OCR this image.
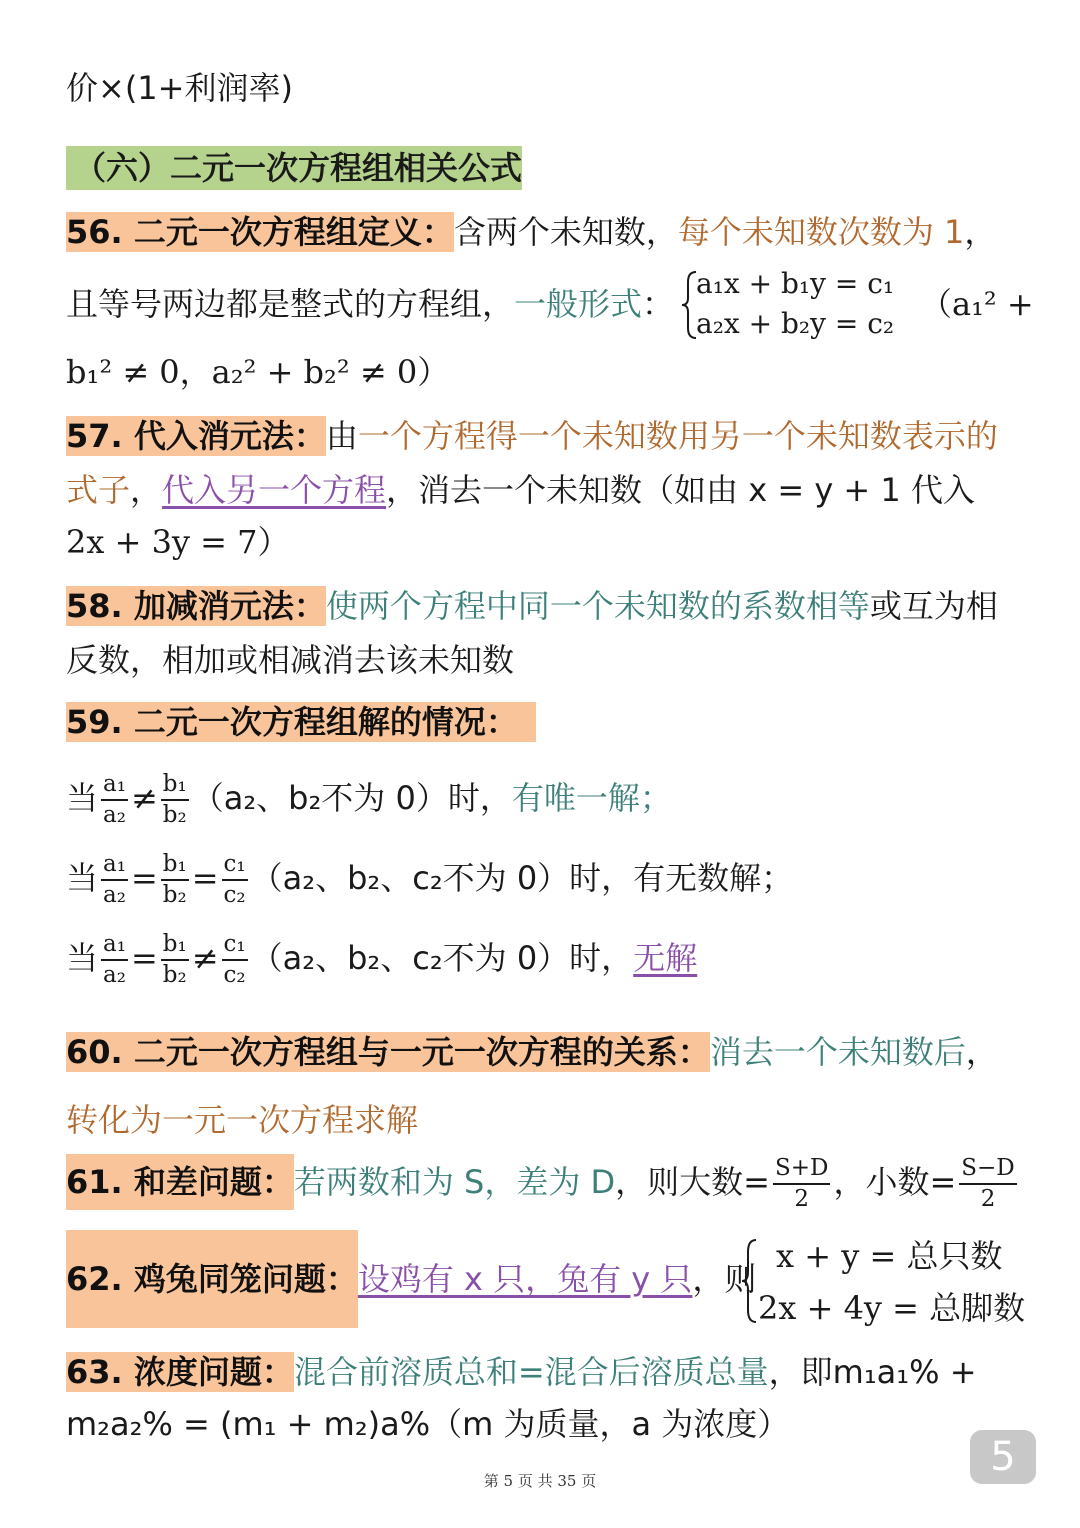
价×(1+利润率)
（六）二元一次方程组相关公式
56. 二元一次方程组定义：含两个未知数，每个未知数次数为 1，
且等号两边都是整式的方程组，一般形式：
a₁x + b₁y = c₁
a₂x + b₂y = c₂
（a₁² +
b₁² ≠ 0，a₂² + b₂² ≠ 0）
57. 代入消元法：由一个方程得一个未知数用另一个未知数表示的
式子，代入另一个方程，消去一个未知数（如由 x = y + 1 代入
2x + 3y = 7）
58. 加减消元法：使两个方程中同一个未知数的系数相等或互为相
反数，相加或相减消去该未知数
59. 二元一次方程组解的情况：
当 $\frac{\text{a₁}}{\text{a₂}} \ne \frac{\text{b₁}}{\text{b₂}} (a_2$、b₂不为 0）时，有唯一解；
当 $\frac{\text{a₁}}{\text{a₂}} = \frac{\text{b₁}}{\text{b₂}} = \frac{\text{c₁}}{\text{c₂}} (a_2$、b₂、c₂不为 0）时，有无数解；
当 $\frac{\text{a₁}}{\text{a₂}} = \frac{\text{b₁}}{\text{b₂}} \ne \frac{\text{c₁}}{\text{c₂}} (a_2$、b₂、c₂不为 0）时，无解
60. 二元一次方程组与一元一次方程的关系：消去一个未知数后，
转化为一元一次方程求解
61. 和差问题：若两数和为 S，差为 D，则大数= $\frac{S+D}{2}$ ，小数= $\frac{S-D}{2}$
62. 鸡兔同笼问题：设鸡有 x 只，兔有 y 只，则
x + y = 总只数
2x + 4y = 总脚数
63. 浓度问题：混合前溶质总和=混合后溶质总量，即m₁a₁% +
m₂a₂% = (m₁ + m₂)a%（m 为质量，a 为浓度）
5
第 5 页 共 35 页
